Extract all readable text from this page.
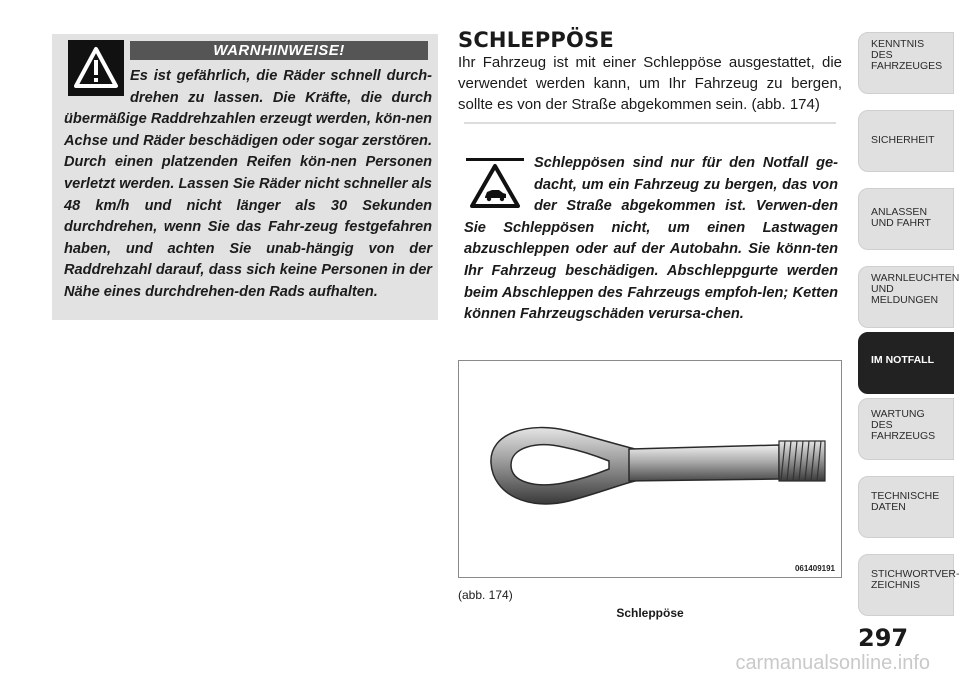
WARNHINWEISE!

Es ist gefährlich, die Räder schnell durch-drehen zu lassen. Die Kräfte, die durch übermäßige Raddrehzahlen erzeugt werden, kön-nen Achse und Räder beschädigen oder sogar zerstören. Durch einen platzenden Reifen kön-nen Personen verletzt werden. Lassen Sie Räder nicht schneller als 48 km/h und nicht länger als 30 Sekunden durchdrehen, wenn Sie das Fahr-zeug festgefahren haben, und achten Sie unab-hängig von der Raddrehzahl darauf, dass sich keine Personen in der Nähe eines durchdrehen-den Rads aufhalten.

SCHLEPPÖSE

Ihr Fahrzeug ist mit einer Schleppöse ausgestattet, die verwendet werden kann, um Ihr Fahrzeug zu bergen, sollte es von der Straße abgekommen sein. (abb. 174)

Schleppösen sind nur für den Notfall ge-dacht, um ein Fahrzeug zu bergen, das von der Straße abgekommen ist. Verwen-den Sie Schleppösen nicht, um einen Lastwagen abzuschleppen oder auf der Autobahn. Sie könn-ten Ihr Fahrzeug beschädigen. Abschleppgurte werden beim Abschleppen des Fahrzeugs empfoh-len; Ketten können Fahrzeugschäden verursa-chen.

061409191
(abb. 174)
Schleppöse
KENNTNIS
DES
FAHRZEUGES
SICHERHEIT
ANLASSEN
UND FAHRT
WARNLEUCHTEN
UND
MELDUNGEN
IM NOTFALL
WARTUNG
DES
FAHRZEUGS
TECHNISCHE
DATEN
STICHWORTVER-
ZEICHNIS
297
carmanualsonline.info
